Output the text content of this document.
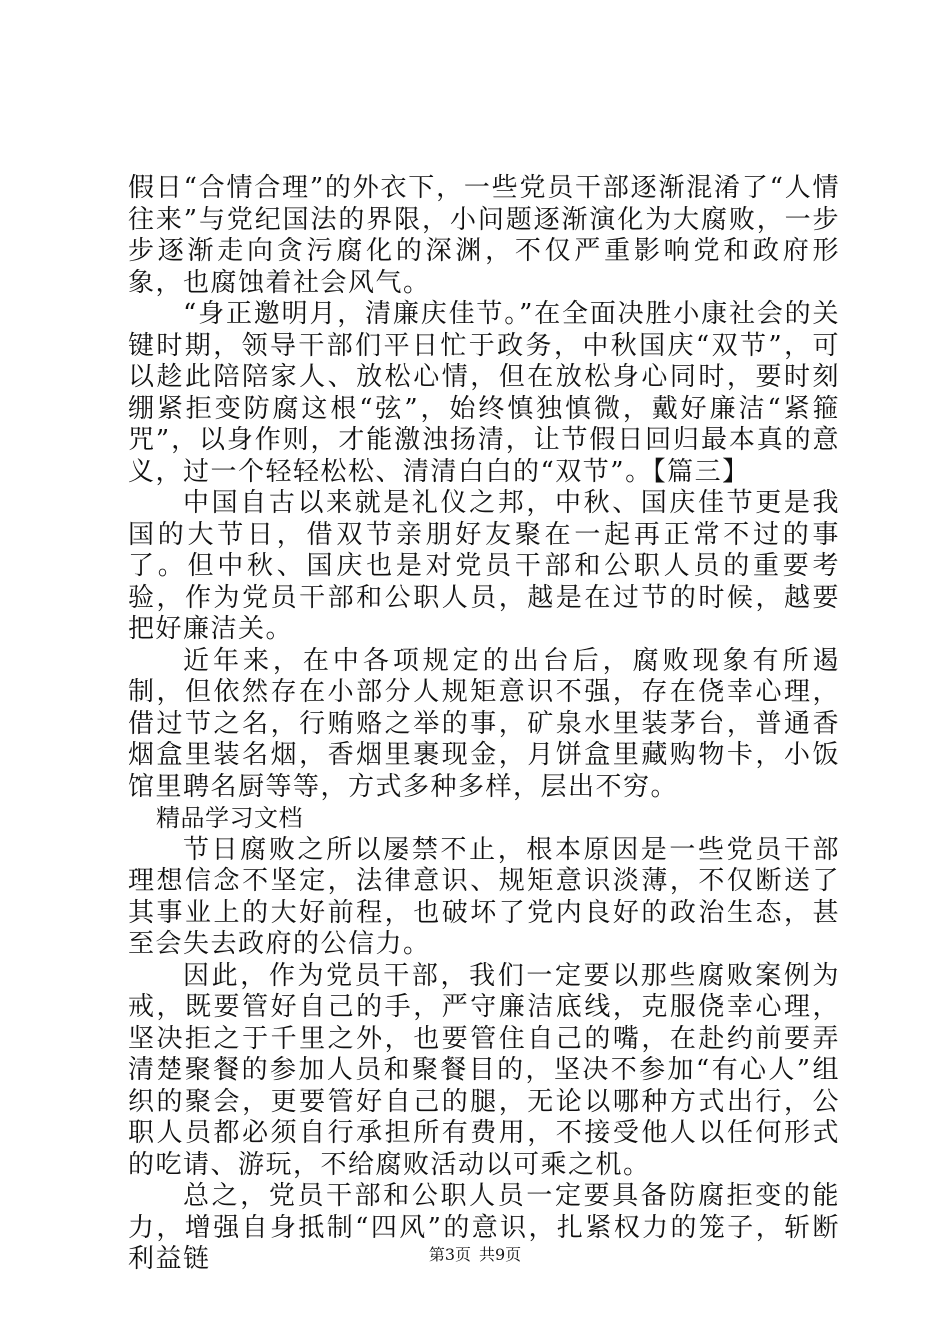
假日“合情合理”的外衣下，一些党员干部逐渐混淆了“人情往来”与党纪国法的界限，小问题逐渐演化为大腐败，一步步逐渐走向贪污腐化的深渊，不仅严重影响党和政府形象，也腐蚀着社会风气。

“身正邀明月，清廉庆佳节。”在全面决胜小康社会的关键时期，领导干部们平日忙于政务，中秋国庆“双节”，可以趁此陪陪家人、放松心情，但在放松身心同时，要时刻绷紧拒变防腐这根“弦”，始终慎独慎微，戴好廉洁“紧箍咒”，以身作则，才能激浊扬清，让节假日回归最本真的意义，过一个轻轻松松、清清白白的“双节”。【篇三】

中国自古以来就是礼仪之邦，中秋、国庆佳节更是我国的大节日，借双节亲朋好友聚在一起再正常不过的事了。但中秋、国庆也是对党员干部和公职人员的重要考验，作为党员干部和公职人员，越是在过节的时候，越要把好廉洁关。

近年来，在中各项规定的出台后，腐败现象有所遏制，但依然存在小部分人规矩意识不强，存在侥幸心理，借过节之名，行贿赂之举的事，矿泉水里装茅台，普通香烟盒里装名烟，香烟里裹现金，月饼盒里藏购物卡，小饭馆里聘名厨等等，方式多种多样，层出不穷。

精品学习文档

节日腐败之所以屡禁不止，根本原因是一些党员干部理想信念不坚定，法律意识、规矩意识淡薄，不仅断送了其事业上的大好前程，也破坏了党内良好的政治生态，甚至会失去政府的公信力。

因此，作为党员干部，我们一定要以那些腐败案例为戒，既要管好自己的手，严守廉洁底线，克服侥幸心理，坚决拒之于千里之外，也要管住自己的嘴，在赴约前要弄清楚聚餐的参加人员和聚餐目的，坚决不参加“有心人”组织的聚会，更要管好自己的腿，无论以哪种方式出行，公职人员都必须自行承担所有费用，不接受他人以任何形式的吃请、游玩，不给腐败活动以可乘之机。

总之，党员干部和公职人员一定要具备防腐拒变的能力，增强自身抵制“四风”的意识，扎紧权力的笼子，斩断利益链	第3页 共9页
